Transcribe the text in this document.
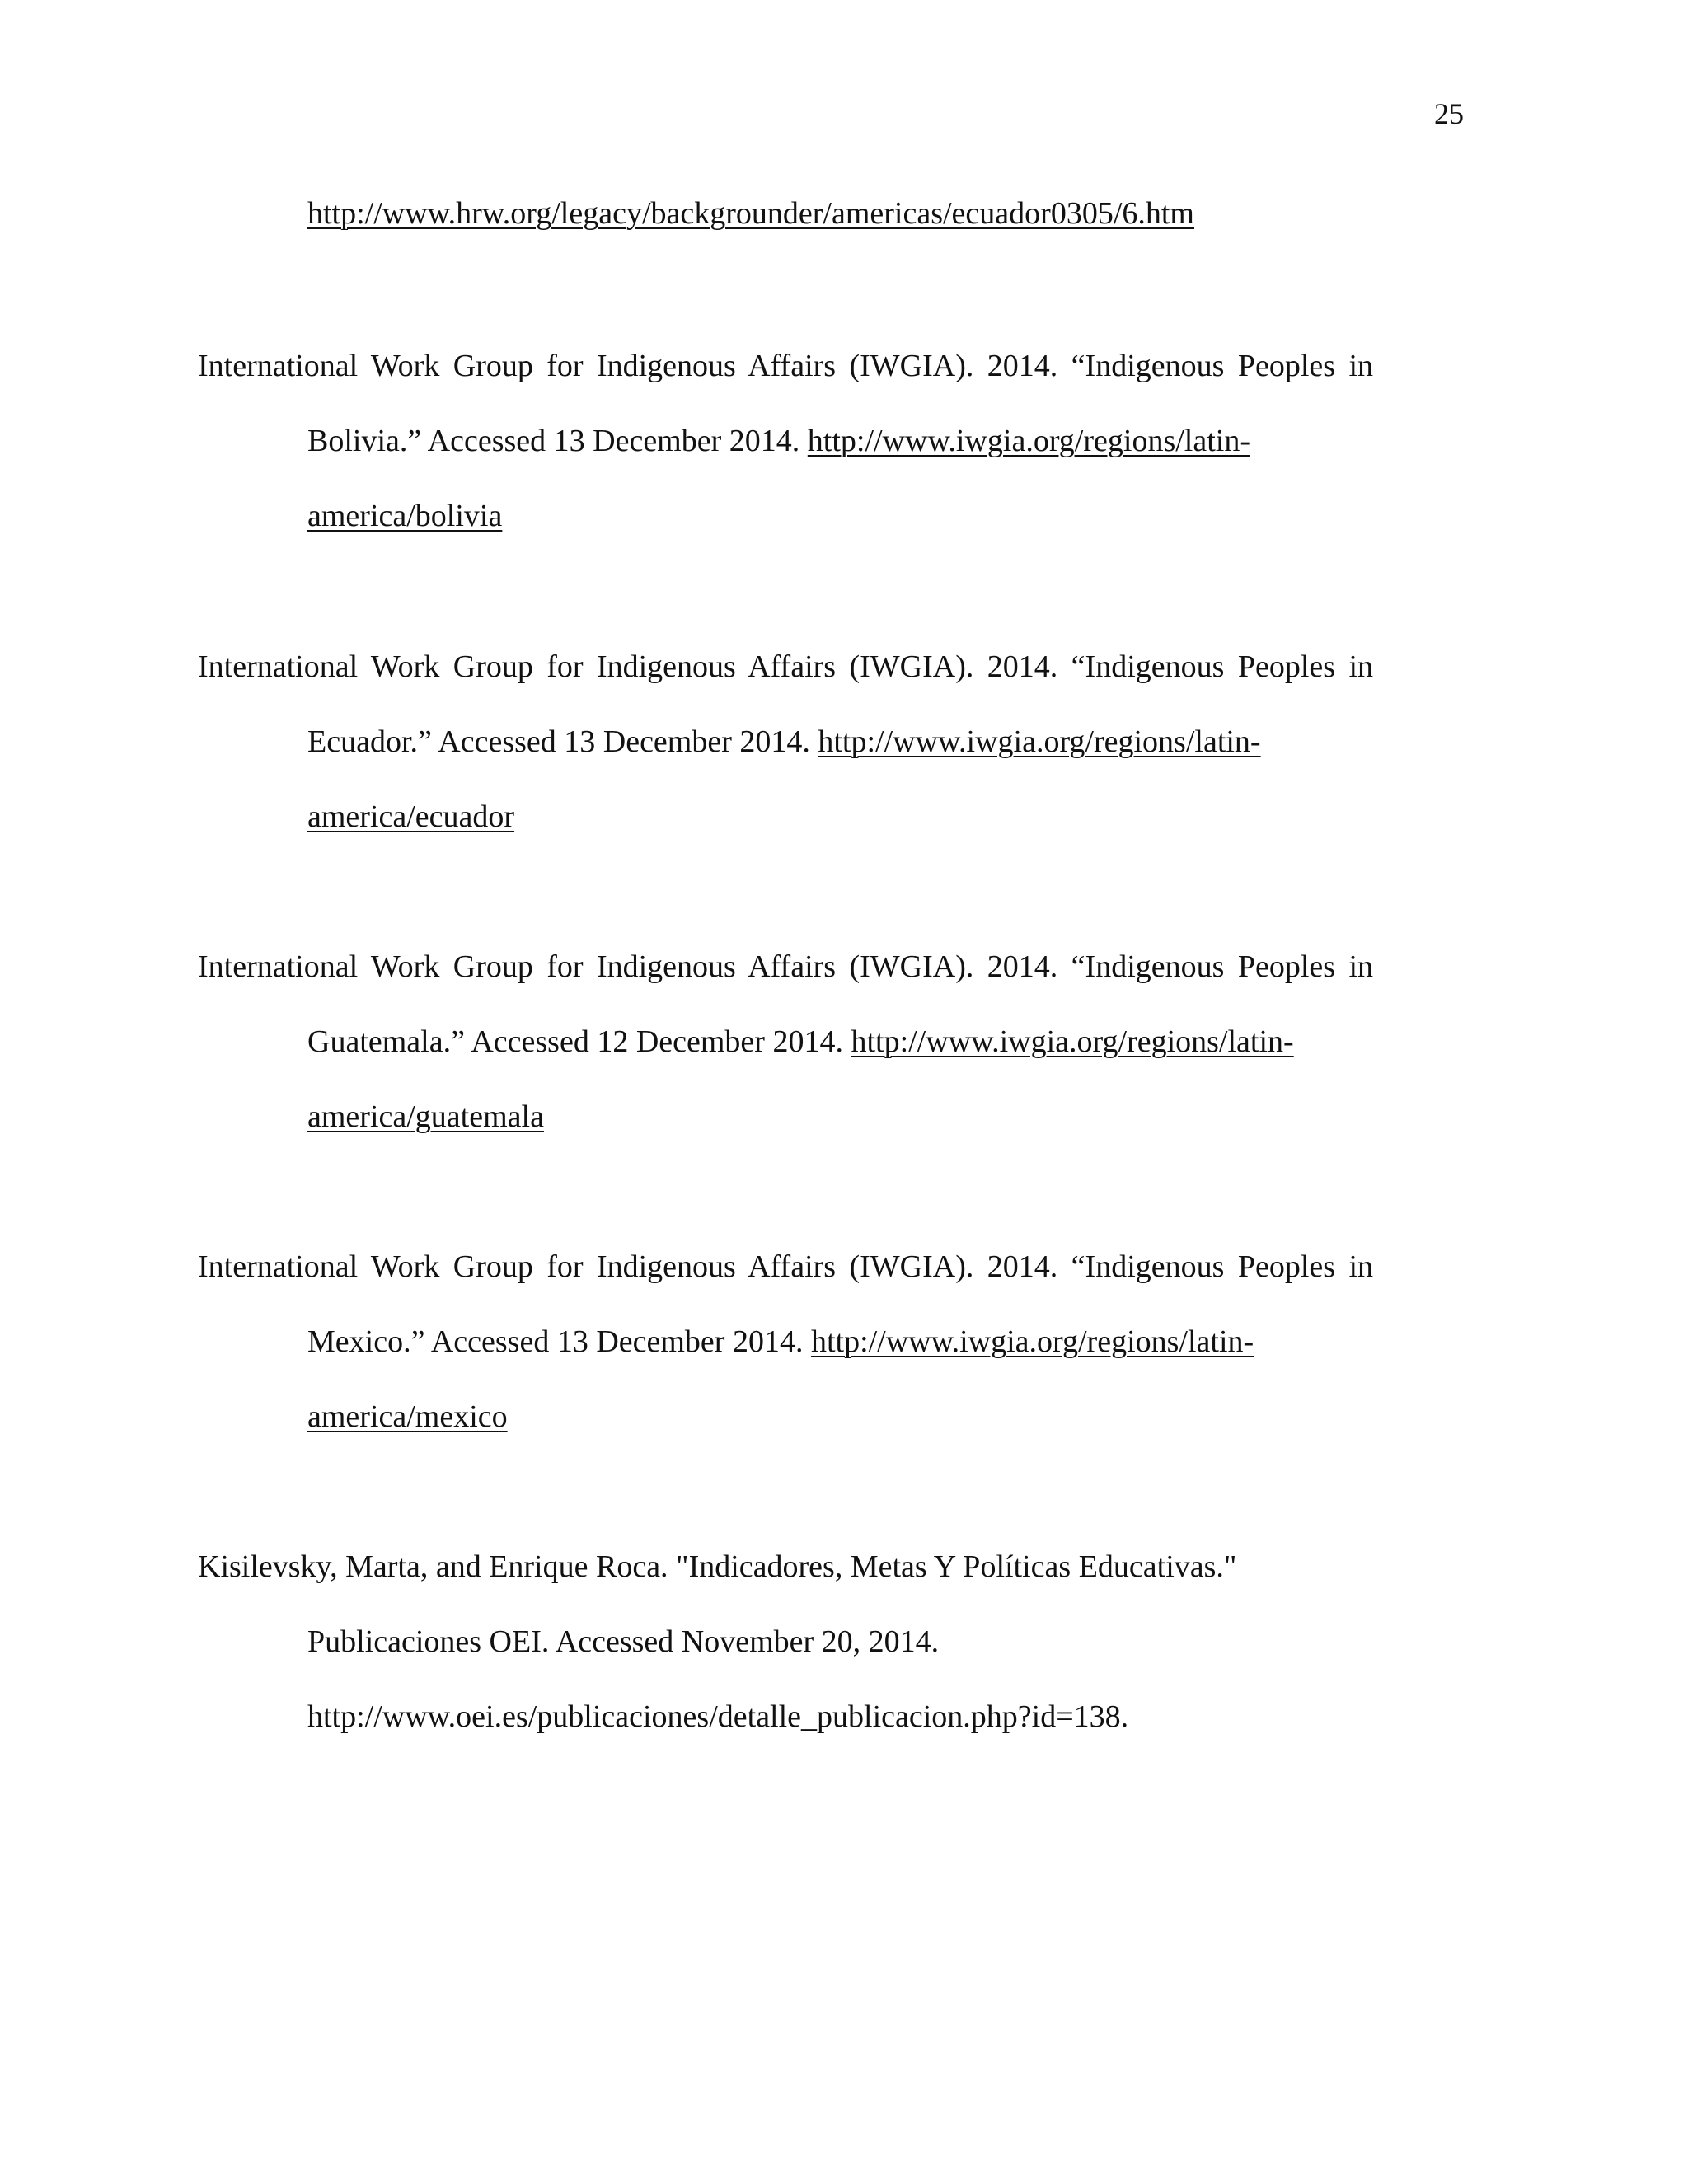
25
http://www.hrw.org/legacy/backgrounder/americas/ecuador0305/6.htm
International Work Group for Indigenous Affairs (IWGIA). 2014. “Indigenous Peoples in
Bolivia.” Accessed 13 December 2014. http://www.iwgia.org/regions/latin-
america/bolivia
International Work Group for Indigenous Affairs (IWGIA). 2014. “Indigenous Peoples in
Ecuador.” Accessed 13 December 2014. http://www.iwgia.org/regions/latin-
america/ecuador
International Work Group for Indigenous Affairs (IWGIA). 2014. “Indigenous Peoples in
Guatemala.” Accessed 12 December 2014. http://www.iwgia.org/regions/latin-
america/guatemala
International Work Group for Indigenous Affairs (IWGIA). 2014. “Indigenous Peoples in
Mexico.” Accessed 13 December 2014. http://www.iwgia.org/regions/latin-
america/mexico
Kisilevsky, Marta, and Enrique Roca. "Indicadores, Metas Y Políticas Educativas."
Publicaciones OEI. Accessed November 20, 2014.
http://www.oei.es/publicaciones/detalle_publicacion.php?id=138.
